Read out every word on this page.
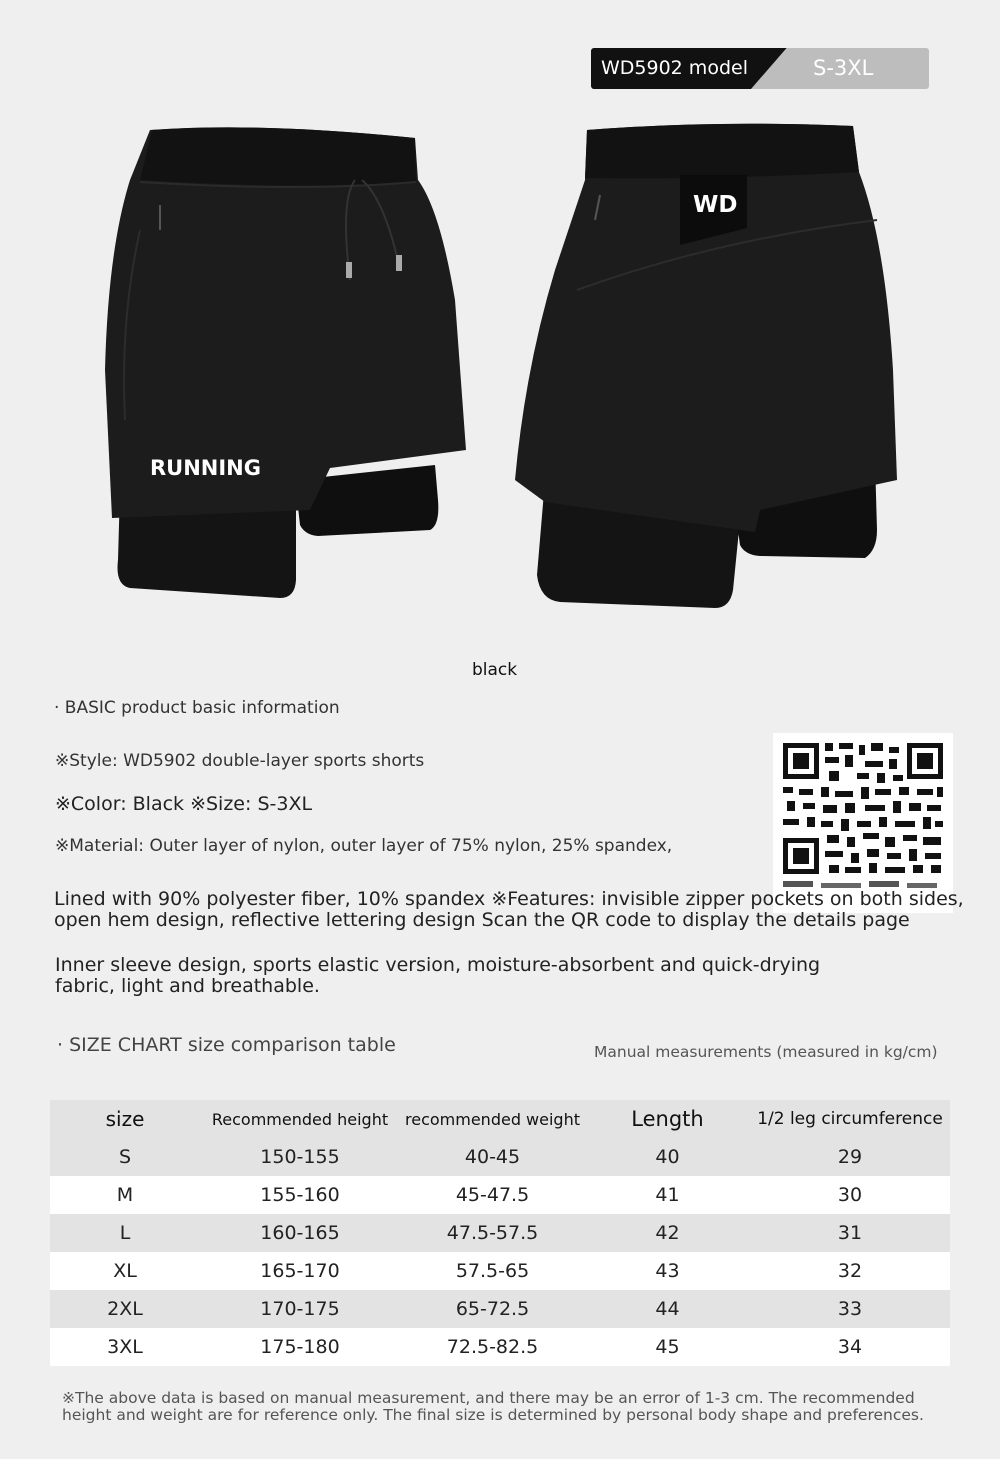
WD5902 model	S-3XL
RUNNING
WD
black
· BASIC product basic information
※Style: WD5902 double-layer sports shorts
※Color: Black ※Size: S-3XL
※Material: Outer layer of nylon, outer layer of 75% nylon, 25% spandex,
Lined with 90% polyester fiber, 10% spandex ※Features: invisible zipper pockets on both sides,
open hem design, reflective lettering design Scan the QR code to display the details page
Inner sleeve design, sports elastic version, moisture-absorbent and quick-drying
fabric, light and breathable.
· SIZE CHART size comparison table	Manual measurements (measured in kg/cm)
size	Recommended height	recommended weight	Length	1/2 leg circumference
S	150-155	40-45	40	29
M	155-160	45-47.5	41	30
L	160-165	47.5-57.5	42	31
XL	165-170	57.5-65	43	32
2XL	170-175	65-72.5	44	33
3XL	175-180	72.5-82.5	45	34
※The above data is based on manual measurement, and there may be an error of 1-3 cm. The recommended
height and weight are for reference only. The final size is determined by personal body shape and preferences.
